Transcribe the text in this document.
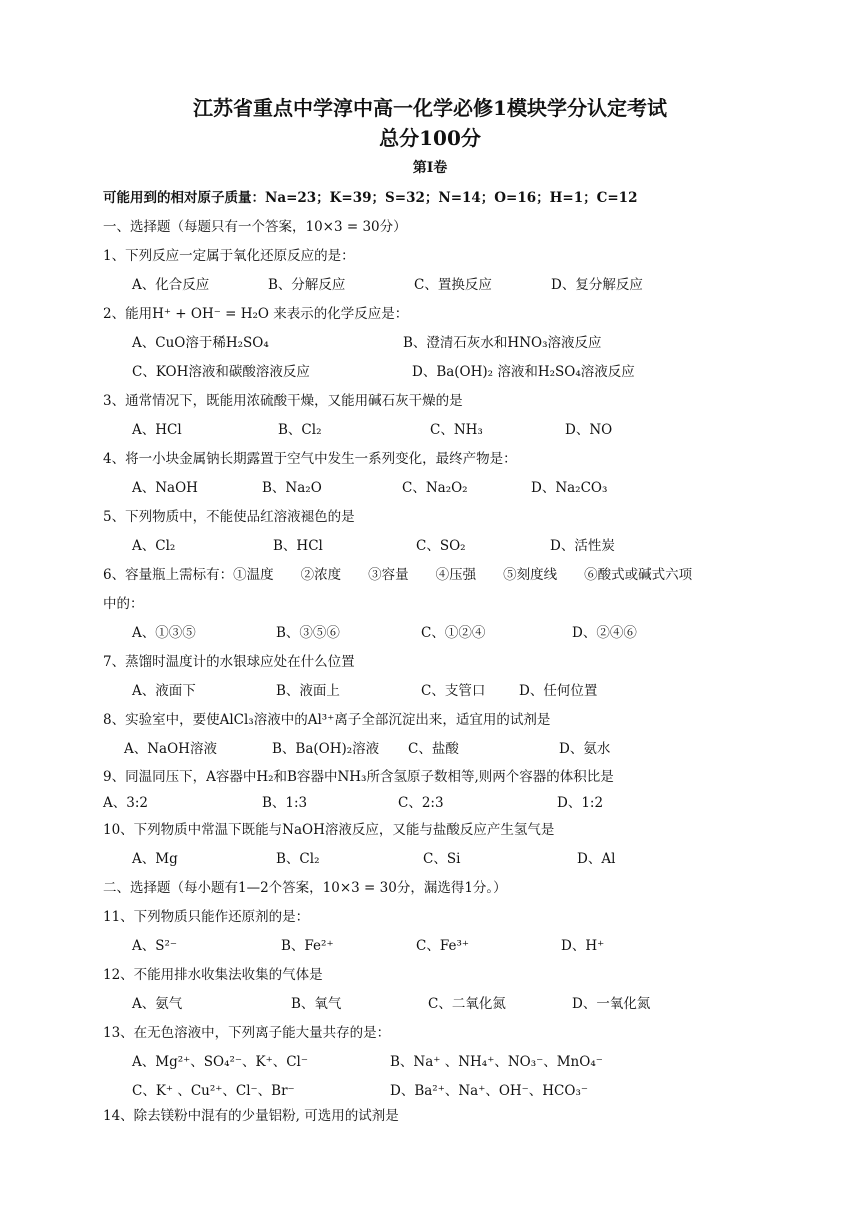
江苏省重点中学淳中高一化学必修1模块学分认定考试
总分100分
第Ⅰ卷
可能用到的相对原子质量：Na=23；K=39；S=32；N=14；O=16；H=1；C=12
一、选择题（每题只有一个答案，10×3 = 30分）
1、下列反应一定属于氧化还原反应的是：
A、化合反应	B、分解反应	C、置换反应	D、复分解反应
2、能用H⁺ + OH⁻ = H₂O 来表示的化学反应是：
A、CuO溶于稀H₂SO₄	B、澄清石灰水和HNO₃溶液反应
C、KOH溶液和碳酸溶液反应	D、Ba(OH)₂ 溶液和H₂SO₄溶液反应
3、通常情况下，既能用浓硫酸干燥，又能用碱石灰干燥的是
A、HCl	B、Cl₂	C、NH₃	D、NO
4、将一小块金属钠长期露置于空气中发生一系列变化，最终产物是：
A、NaOH	B、Na₂O	C、Na₂O₂	D、Na₂CO₃
5、下列物质中，不能使品红溶液褪色的是
A、Cl₂	B、HCl	C、SO₂	D、活性炭
6、容量瓶上需标有：①温度　　②浓度　　③容量　　④压强　　⑤刻度线　　⑥酸式或碱式六项
中的：
A、①③⑤	B、③⑤⑥	C、①②④	D、②④⑥
7、蒸馏时温度计的水银球应处在什么位置
A、液面下	B、液面上	C、支管口 D、任何位置
8、实验室中，要使AlCl₃溶液中的Al³⁺离子全部沉淀出来，适宜用的试剂是
A、NaOH溶液	B、Ba(OH)₂溶液 C、盐酸	D、氨水
9、同温同压下，A容器中H₂和B容器中NH₃所含氢原子数相等,则两个容器的体积比是
A、3:2	B、1:3	C、2:3	D、1:2
10、下列物质中常温下既能与NaOH溶液反应，又能与盐酸反应产生氢气是
A、Mg	B、Cl₂	C、Si	D、Al
二、选择题（每小题有1—2个答案，10×3 = 30分，漏选得1分。）
11、下列物质只能作还原剂的是：
A、S²⁻	B、Fe²⁺	C、Fe³⁺	D、H⁺
12、不能用排水收集法收集的气体是
A、氨气	B、氧气	C、二氧化氮	D、一氧化氮
13、在无色溶液中，下列离子能大量共存的是：
A、Mg²⁺、SO₄²⁻、K⁺、Cl⁻	B、Na⁺ 、NH₄⁺、NO₃⁻、MnO₄⁻
C、K⁺ 、Cu²⁺、Cl⁻、Br⁻	D、Ba²⁺、Na⁺、OH⁻、HCO₃⁻
14、除去镁粉中混有的少量铝粉, 可选用的试剂是
